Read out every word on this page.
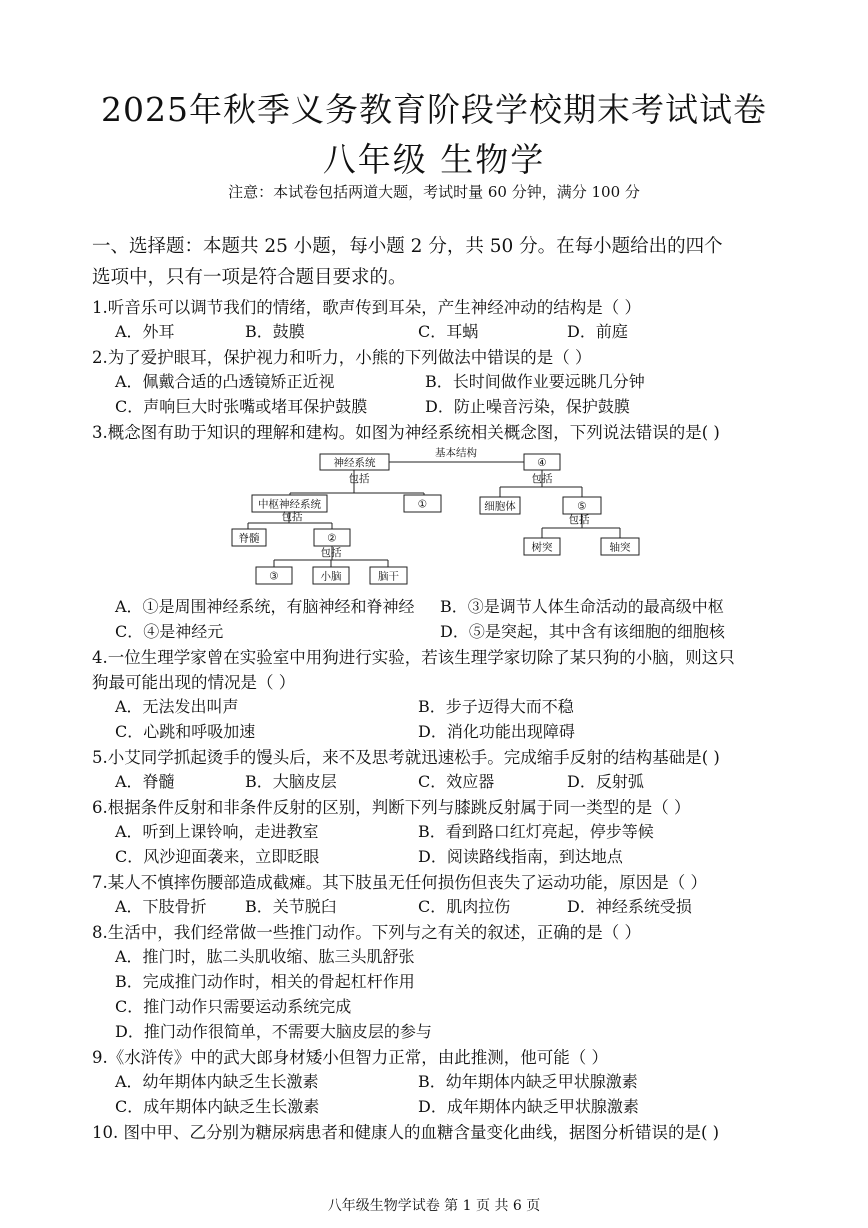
2025年秋季义务教育阶段学校期末考试试卷
八年级 生物学
注意：本试卷包括两道大题，考试时量 60 分钟，满分 100 分
一、选择题：本题共 25 小题，每小题 2 分，共 50 分。在每小题给出的四个
选项中，只有一项是符合题目要求的。
1.听音乐可以调节我们的情绪，歌声传到耳朵，产生神经冲动的结构是（ ）
A．外耳	B．鼓膜	C．耳蜗	D．前庭
2.为了爱护眼耳，保护视力和听力，小熊的下列做法中错误的是（ ）
A．佩戴合适的凸透镜矫正近视	B．长时间做作业要远眺几分钟
C．声响巨大时张嘴或堵耳保护鼓膜	D．防止噪音污染，保护鼓膜
3.概念图有助于知识的理解和建构。如图为神经系统相关概念图，下列说法错误的是( )
基本结构
神经系统	④
包括
中枢神经系统	①
包括
细胞体	⑤
包括
脊髓	②
包括
树突	轴突
包括
③	小脑	脑干
A．①是周围神经系统，有脑神经和脊神经 B．③是调节人体生命活动的最高级中枢
C．④是神经元	D．⑤是突起，其中含有该细胞的细胞核
4.一位生理学家曾在实验室中用狗进行实验，若该生理学家切除了某只狗的小脑，则这只
狗最可能出现的情况是（ ）
A．无法发出叫声	B．步子迈得大而不稳
C．心跳和呼吸加速	D．消化功能出现障碍
5.小艾同学抓起烫手的馒头后，来不及思考就迅速松手。完成缩手反射的结构基础是( )
A．脊髓	B．大脑皮层	C．效应器	D．反射弧
6.根据条件反射和非条件反射的区别，判断下列与膝跳反射属于同一类型的是（ ）
A．听到上课铃响，走进教室	B．看到路口红灯亮起，停步等候
C．风沙迎面袭来，立即眨眼	D．阅读路线指南，到达地点
7.某人不慎摔伤腰部造成截瘫。其下肢虽无任何损伤但丧失了运动功能，原因是（ ）
A．下肢骨折 B．关节脱臼	C．肌肉拉伤	D．神经系统受损
8.生活中，我们经常做一些推门动作。下列与之有关的叙述，正确的是（ ）
A．推门时，肱二头肌收缩、肱三头肌舒张
B．完成推门动作时，相关的骨起杠杆作用
C．推门动作只需要运动系统完成
D．推门动作很简单，不需要大脑皮层的参与
9.《水浒传》中的武大郎身材矮小但智力正常，由此推测，他可能（ ）
A．幼年期体内缺乏生长激素	B．幼年期体内缺乏甲状腺激素
C．成年期体内缺乏生长激素	D．成年期体内缺乏甲状腺激素
10. 图中甲、乙分别为糖尿病患者和健康人的血糖含量变化曲线，据图分析错误的是( )
八年级生物学试卷 第 1 页 共 6 页
